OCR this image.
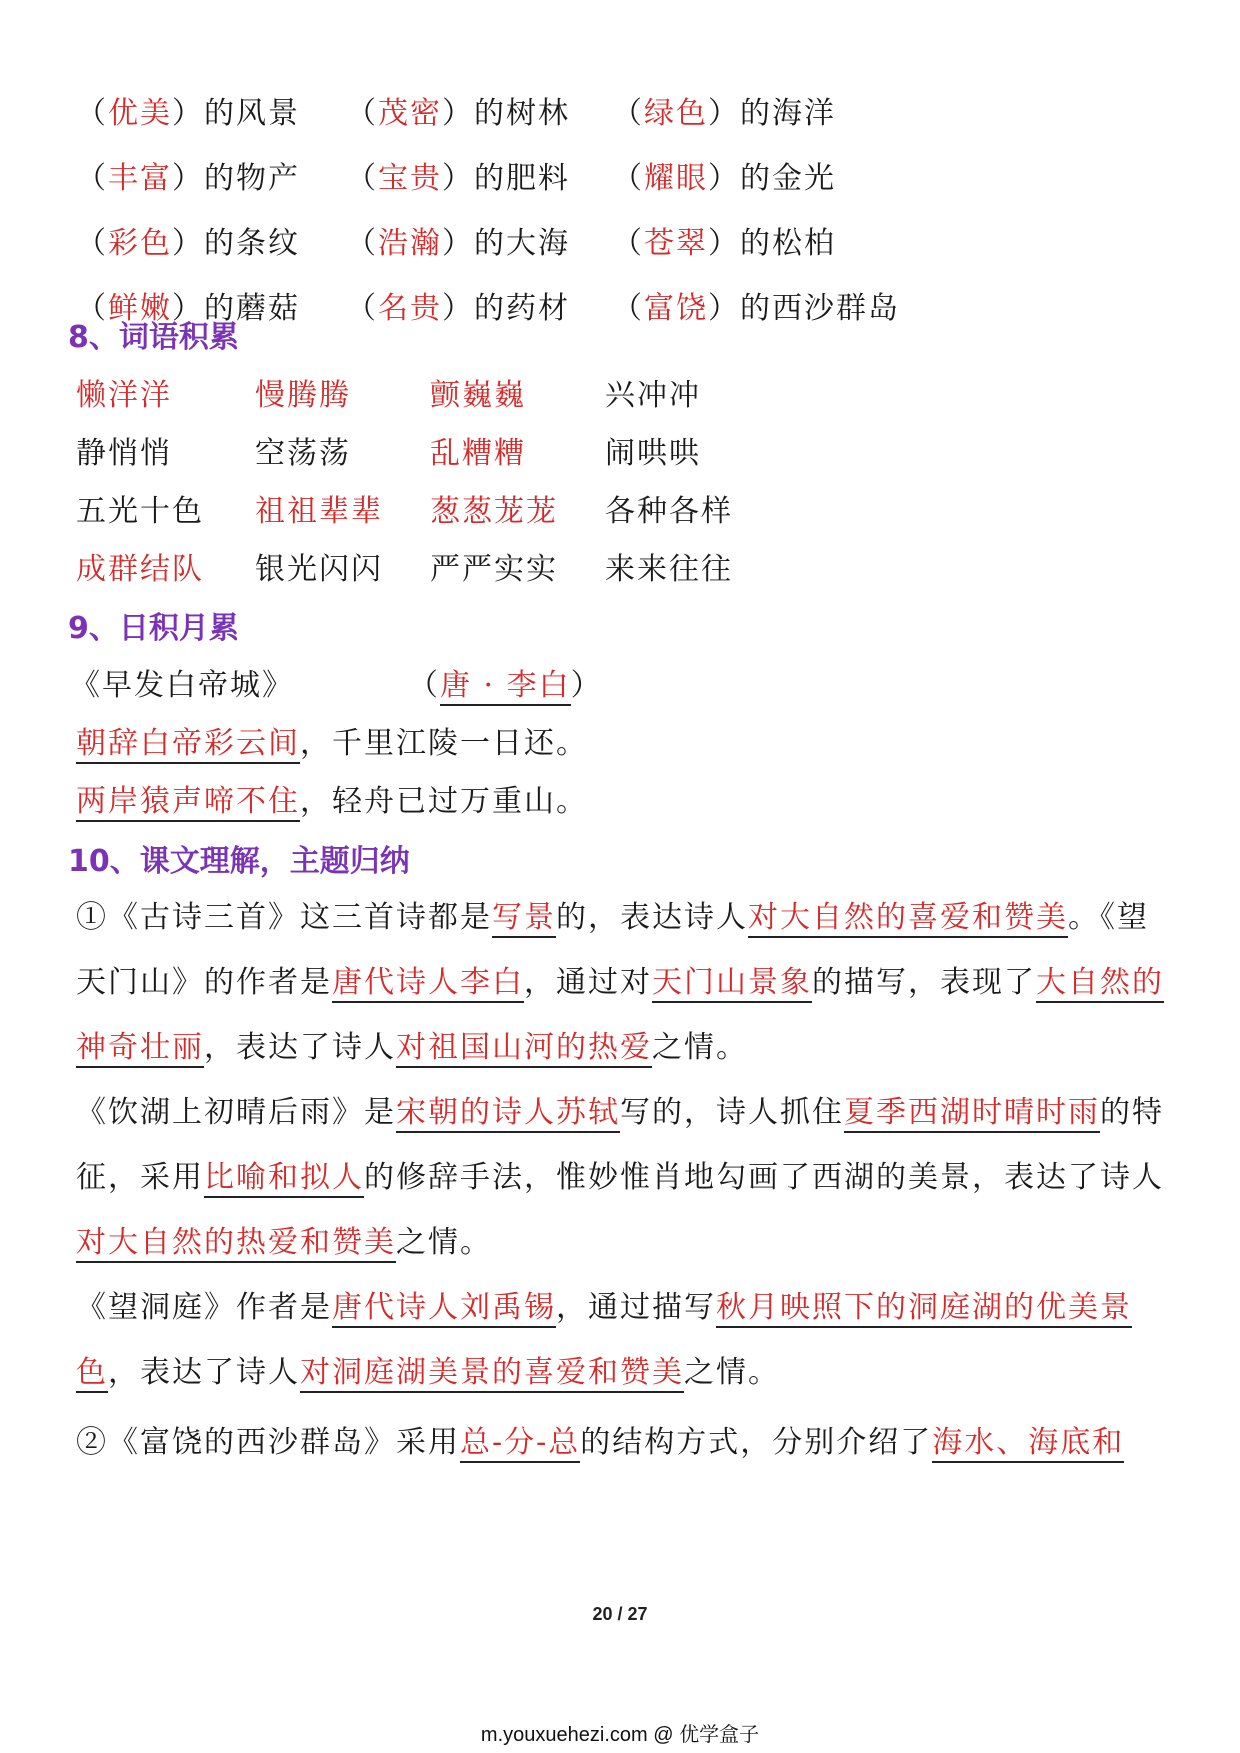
（优美）的风景 （茂密）的树林 （绿色）的海洋
（丰富）的物产 （宝贵）的肥料 （耀眼）的金光
（彩色）的条纹 （浩瀚）的大海 （苍翠）的松柏
（鲜嫩）的蘑菇 （名贵）的药材 （富饶）的西沙群岛
8、词语积累
懒洋洋	慢腾腾	颤巍巍	兴冲冲
静悄悄	空荡荡	乱糟糟	闹哄哄
五光十色 祖祖辈辈 葱葱茏茏 各种各样
成群结队 银光闪闪 严严实实 来来往往
9、日积月累
《早发白帝城》	（唐 · 李白）
朝辞白帝彩云间，千里江陵一日还。
两岸猿声啼不住，轻舟已过万重山。
10、课文理解，主题归纳
①《古诗三首》这三首诗都是写景的，表达诗人对大自然的喜爱和赞美。《望天门山》的作者是唐代诗人李白，通过对天门山景象的描写，表现了大自然的神奇壮丽，表达了诗人对祖国山河的热爱之情。
《饮湖上初晴后雨》是宋朝的诗人苏轼写的，诗人抓住夏季西湖时晴时雨的特征，采用比喻和拟人的修辞手法，惟妙惟肖地勾画了西湖的美景，表达了诗人对大自然的热爱和赞美之情。
《望洞庭》作者是唐代诗人刘禹锡，通过描写秋月映照下的洞庭湖的优美景色，表达了诗人对洞庭湖美景的喜爱和赞美之情。
②《富饶的西沙群岛》采用总-分-总的结构方式，分别介绍了海水、海底和
20 / 27
m.youxuehezi.com @ 优学盒子
